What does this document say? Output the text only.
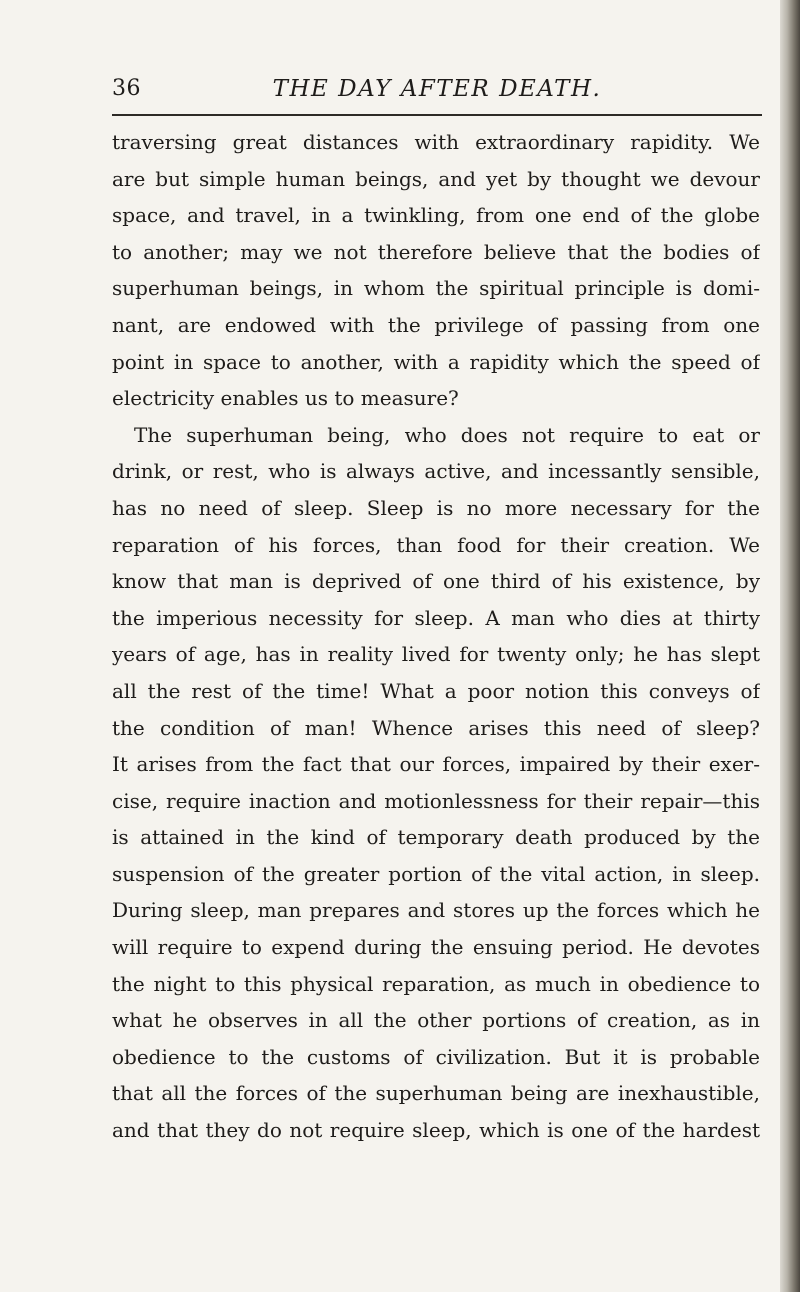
36	THE DAY AFTER DEATH.
traversing great distances with extraordinary rapidity. We
are but simple human beings, and yet by thought we devour
space, and travel, in a twinkling, from one end of the globe
to another; may we not therefore believe that the bodies of
superhuman beings, in whom the spiritual principle is domi-
nant, are endowed with the privilege of passing from one
point in space to another, with a rapidity which the speed of
electricity enables us to measure?
The superhuman being, who does not require to eat or
drink, or rest, who is always active, and incessantly sensible,
has no need of sleep. Sleep is no more necessary for the
reparation of his forces, than food for their creation. We
know that man is deprived of one third of his existence, by
the imperious necessity for sleep. A man who dies at thirty
years of age, has in reality lived for twenty only; he has slept
all the rest of the time! What a poor notion this conveys of
the condition of man! Whence arises this need of sleep?
It arises from the fact that our forces, impaired by their exer-
cise, require inaction and motionlessness for their repair—this
is attained in the kind of temporary death produced by the
suspension of the greater portion of the vital action, in sleep.
During sleep, man prepares and stores up the forces which he
will require to expend during the ensuing period. He devotes
the night to this physical reparation, as much in obedience to
what he observes in all the other portions of creation, as in
obedience to the customs of civilization. But it is probable
that all the forces of the superhuman being are inexhaustible,
and that they do not require sleep, which is one of the hardest
